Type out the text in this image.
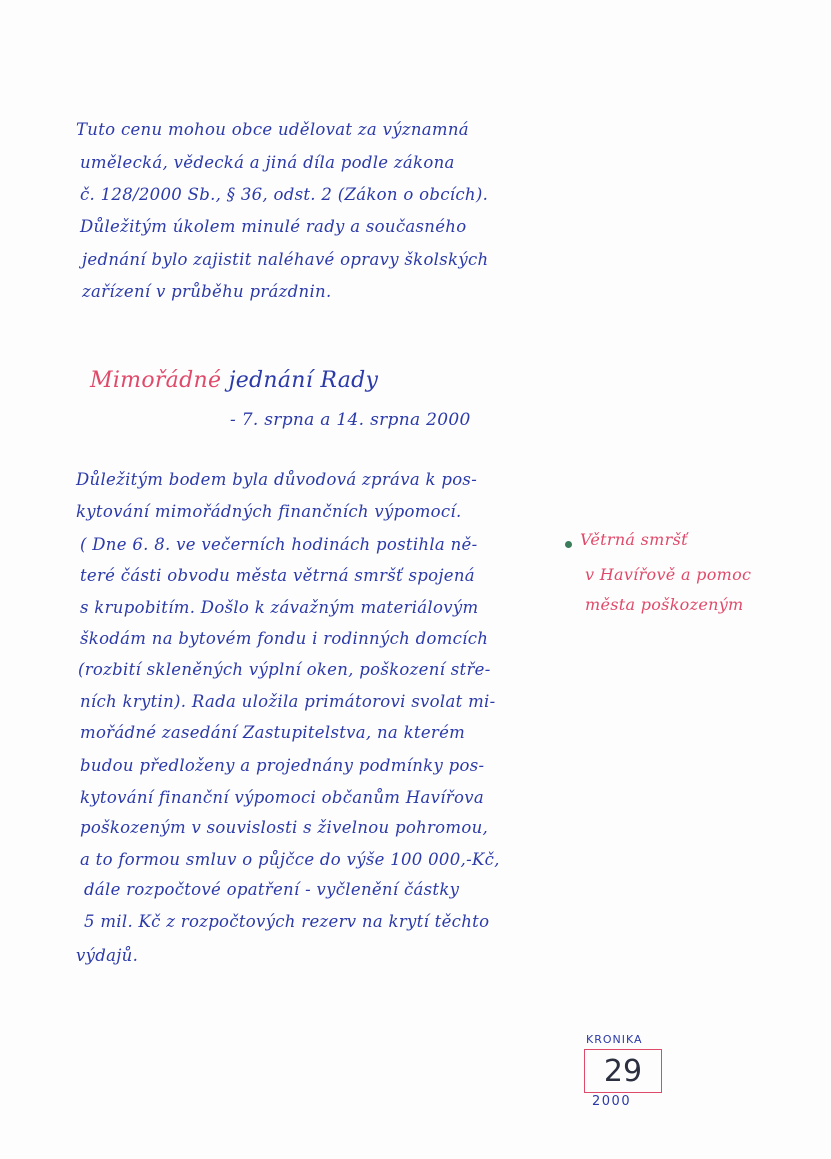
Tuto cenu mohou obce udělovat za významná
umělecká, vědecká a jiná díla podle zákona
č. 128/2000 Sb., § 36, odst. 2 (Zákon o obcích).
Důležitým úkolem minulé rady a současného
jednání bylo zajistit naléhavé opravy školských
zařízení v průběhu prázdnin.
Mimořádné jednání Rady
- 7. srpna a 14. srpna 2000
Důležitým bodem byla důvodová zpráva k pos-
kytování mimořádných finančních výpomocí.
( Dne 6. 8. ve večerních hodinách postihla ně-
teré části obvodu města větrná smršť spojená
s krupobitím. Došlo k závažným materiálovým
škodám na bytovém fondu i rodinných domcích
(rozbití skleněných výplní oken, poškození stře-
ních krytin). Rada uložila primátorovi svolat mi-
mořádné zasedání Zastupitelstva, na kterém
budou předloženy a projednány podmínky pos-
kytování finanční výpomoci občanům Havířova
poškozeným v souvislosti s živelnou pohromou,
a to formou smluv o půjčce do výše 100 000,-Kč,
dále rozpočtové opatření - vyčlenění částky
5 mil. Kč z rozpočtových rezerv na krytí těchto
výdajů.
Větrná smršť
v Havířově a pomoc
města poškozeným
KRONIKA
29
2000
